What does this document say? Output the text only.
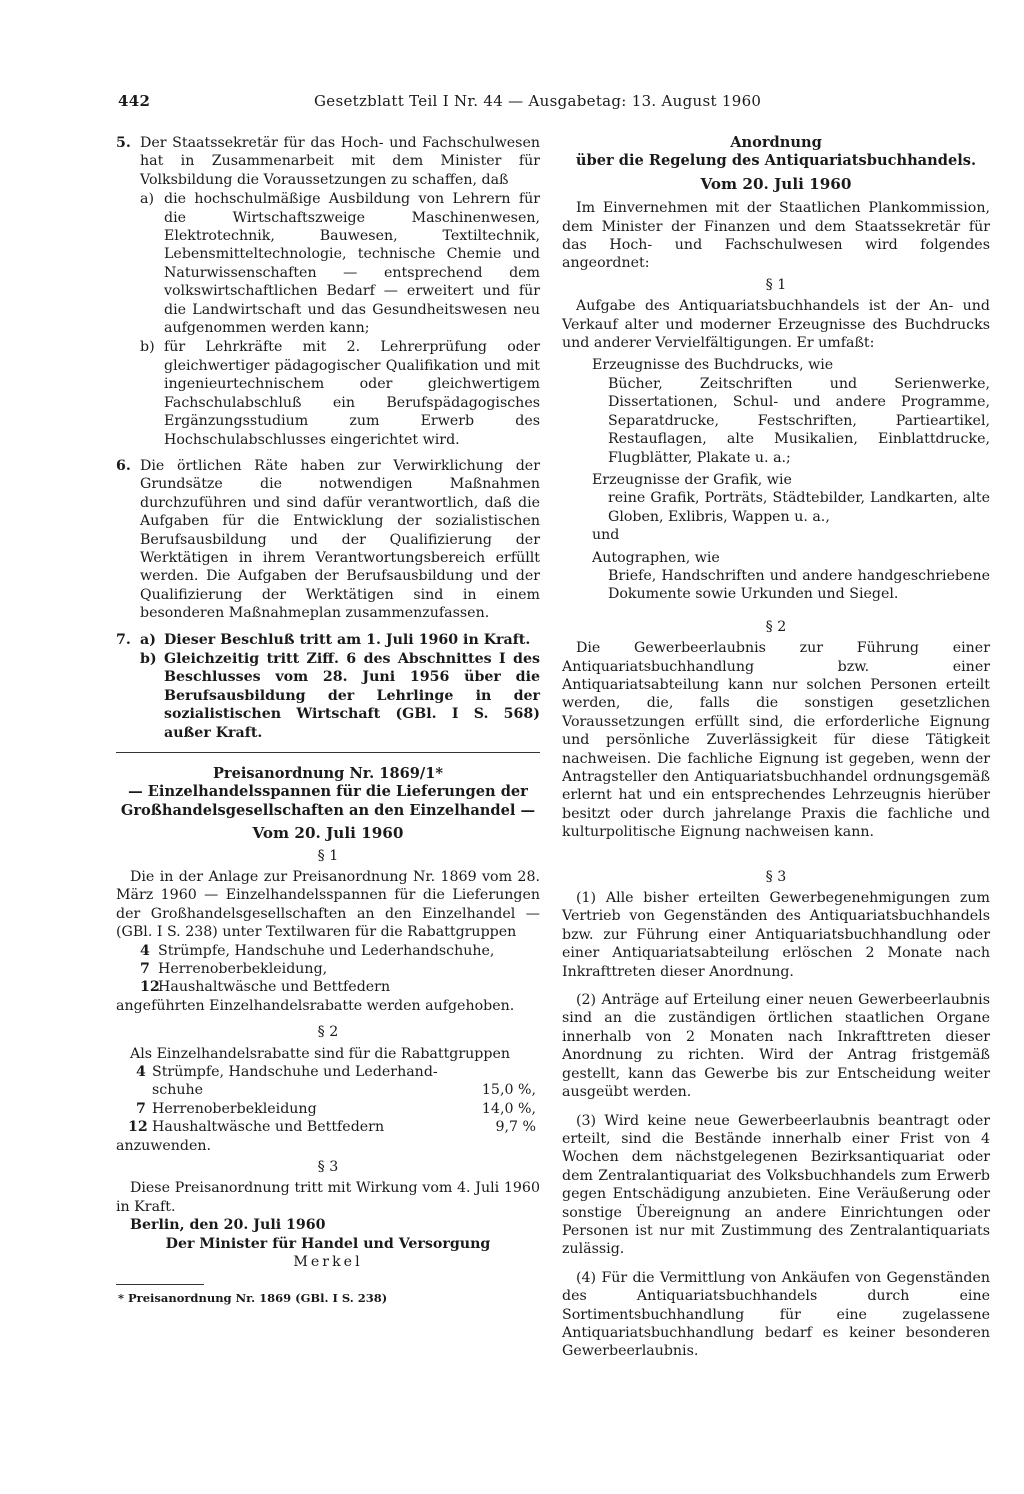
442	Gesetzblatt Teil I Nr. 44 — Ausgabetag: 13. August 1960
5. Der Staatssekretär für das Hoch- und Fachschulwesen hat in Zusammenarbeit mit dem Minister für Volksbildung die Voraussetzungen zu schaffen, daß

a) die hochschulmäßige Ausbildung von Lehrern für die Wirtschaftszweige Maschinenwesen, Elektrotechnik, Bauwesen, Textiltechnik, Lebensmitteltechnologie, technische Chemie und Naturwissenschaften — entsprechend dem volkswirtschaftlichen Bedarf — erweitert und für die Landwirtschaft und das Gesundheitswesen neu aufgenommen werden kann;

b) für Lehrkräfte mit 2. Lehrerprüfung oder gleichwertiger pädagogischer Qualifikation und mit ingenieurtechnischem oder gleichwertigem Fachschulabschluß ein Berufspädagogisches Ergänzungsstudium zum Erwerb des Hochschulabschlusses eingerichtet wird.

6. Die örtlichen Räte haben zur Verwirklichung der Grundsätze die notwendigen Maßnahmen durchzuführen und sind dafür verantwortlich, daß die Aufgaben für die Entwicklung der sozialistischen Berufsausbildung und der Qualifizierung der Werktätigen in ihrem Verantwortungsbereich erfüllt werden. Die Aufgaben der Berufsausbildung und der Qualifizierung der Werktätigen sind in einem besonderen Maßnahmeplan zusammenzufassen.

7. a) Dieser Beschluß tritt am 1. Juli 1960 in Kraft.

b) Gleichzeitig tritt Ziff. 6 des Abschnittes I des Beschlusses vom 28. Juni 1956 über die Berufsausbildung der Lehrlinge in der sozialistischen Wirtschaft (GBl. I S. 568) außer Kraft.

Preisanordnung Nr. 1869/1*

— Einzelhandelsspannen für die Lieferungen der

Großhandelsgesellschaften an den Einzelhandel —

Vom 20. Juli 1960

§ 1

Die in der Anlage zur Preisanordnung Nr. 1869 vom 28. März 1960 — Einzelhandelsspannen für die Lieferungen der Großhandelsgesellschaften an den Einzelhandel — (GBl. I S. 238) unter Textilwaren für die Rabattgruppen

4 Strümpfe, Handschuhe und Lederhandschuhe,
7 Herrenoberbekleidung,
12Haushaltwäsche und Bettfedern

angeführten Einzelhandelsrabatte werden aufgehoben.

§ 2

Als Einzelhandelsrabatte sind für die Rabattgruppen

4 Strümpfe, Handschuhe und Lederhand-
schuhe	15,0 %,
7 Herrenoberbekleidung	14,0 %,
12 Haushaltwäsche und Bettfedern	9,7 %

anzuwenden.

§ 3

Diese Preisanordnung tritt mit Wirkung vom 4. Juli 1960 in Kraft.

Berlin, den 20. Juli 1960

Der Minister für Handel und Versorgung

Merkel

* Preisanordnung Nr. 1869 (GBl. I S. 238)

Anordnung

über die Regelung des Antiquariatsbuchhandels.

Vom 20. Juli 1960

Im Einvernehmen mit der Staatlichen Plankommission, dem Minister der Finanzen und dem Staatssekretär für das Hoch- und Fachschulwesen wird folgendes angeordnet:

§ 1

Aufgabe des Antiquariatsbuchhandels ist der An- und Verkauf alter und moderner Erzeugnisse des Buchdrucks und anderer Vervielfältigungen. Er umfaßt:

Erzeugnisse des Buchdrucks, wie

Bücher, Zeitschriften und Serienwerke, Dissertationen, Schul- und andere Programme, Separatdrucke, Festschriften, Partieartikel, Restauflagen, alte Musikalien, Einblattdrucke, Flugblätter, Plakate u. a.;

Erzeugnisse der Grafik, wie

reine Grafik, Porträts, Städtebilder, Landkarten, alte Globen, Exlibris, Wappen u. a.,

und

Autographen, wie

Briefe, Handschriften und andere handgeschriebene Dokumente sowie Urkunden und Siegel.

§ 2

Die Gewerbeerlaubnis zur Führung einer Antiquariatsbuchhandlung bzw. einer Antiquariatsabteilung kann nur solchen Personen erteilt werden, die, falls die sonstigen gesetzlichen Voraussetzungen erfüllt sind, die erforderliche Eignung und persönliche Zuverlässigkeit für diese Tätigkeit nachweisen. Die fachliche Eignung ist gegeben, wenn der Antragsteller den Antiquariatsbuchhandel ordnungsgemäß erlernt hat und ein entsprechendes Lehrzeugnis hierüber besitzt oder durch jahrelange Praxis die fachliche und kulturpolitische Eignung nachweisen kann.

§ 3

(1) Alle bisher erteilten Gewerbegenehmigungen zum Vertrieb von Gegenständen des Antiquariatsbuchhandels bzw. zur Führung einer Antiquariatsbuchhandlung oder einer Antiquariatsabteilung erlöschen 2 Monate nach Inkrafttreten dieser Anordnung.

(2) Anträge auf Erteilung einer neuen Gewerbeerlaubnis sind an die zuständigen örtlichen staatlichen Organe innerhalb von 2 Monaten nach Inkrafttreten dieser Anordnung zu richten. Wird der Antrag fristgemäß gestellt, kann das Gewerbe bis zur Entscheidung weiter ausgeübt werden.

(3) Wird keine neue Gewerbeerlaubnis beantragt oder erteilt, sind die Bestände innerhalb einer Frist von 4 Wochen dem nächstgelegenen Bezirksantiquariat oder dem Zentralantiquariat des Volksbuchhandels zum Erwerb gegen Entschädigung anzubieten. Eine Veräußerung oder sonstige Übereignung an andere Einrichtungen oder Personen ist nur mit Zustimmung des Zentralantiquariats zulässig.

(4) Für die Vermittlung von Ankäufen von Gegenständen des Antiquariatsbuchhandels durch eine Sortimentsbuchhandlung für eine zugelassene Antiquariatsbuchhandlung bedarf es keiner besonderen Gewerbeerlaubnis.
